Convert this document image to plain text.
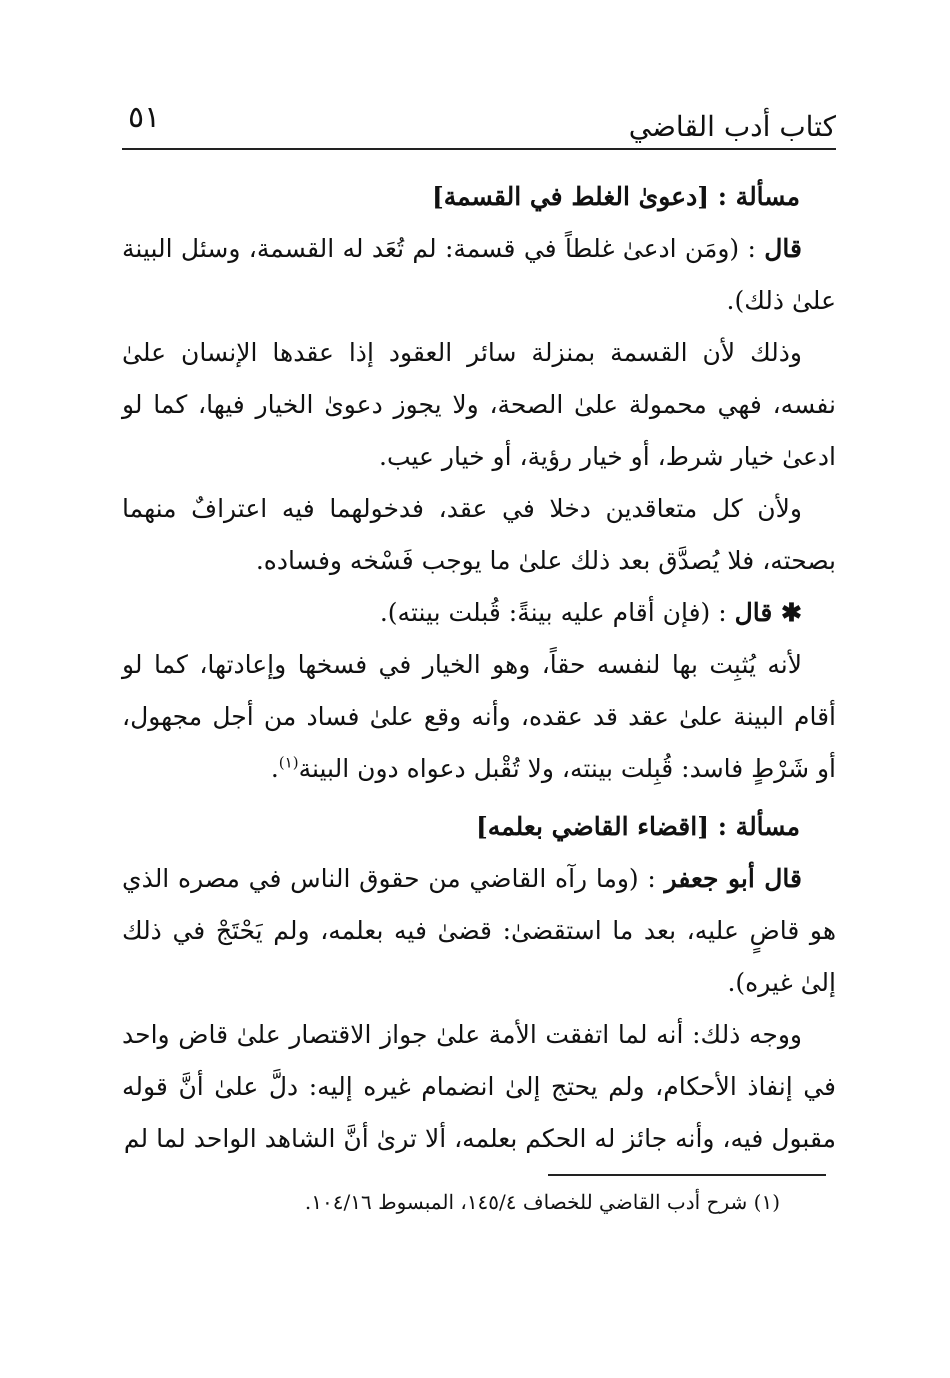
كتاب أدب القاضي
٥١

مسألة : [دعوىٰ الغلط في القسمة]

قال : (ومَن ادعىٰ غلطاً في قسمة: لم تُعَد له القسمة، وسئل البينة علىٰ ذلك).

وذلك لأن القسمة بمنزلة سائر العقود إذا عقدها الإنسان علىٰ نفسه، فهي محمولة علىٰ الصحة، ولا يجوز دعوىٰ الخيار فيها، كما لو ادعىٰ خيار شرط، أو خيار رؤية، أو خيار عيب.

ولأن كل متعاقدين دخلا في عقد، فدخولهما فيه اعترافٌ منهما بصحته، فلا يُصدَّق بعد ذلك علىٰ ما يوجب فَسْخه وفساده.

✱ قال : (فإن أقام عليه بينةً: قُبلت بينته).

لأنه يُثبِت بها لنفسه حقاً، وهو الخيار في فسخها وإعادتها، كما لو أقام البينة علىٰ عقد قد عقده، وأنه وقع علىٰ فساد من أجل مجهول، أو شَرْطٍ فاسد: قُبِلت بينته، ولا تُقْبل دعواه دون البينة$^{(١)}$.

مسألة : [اقضاء القاضي بعلمه]

قال أبو جعفر : (وما رآه القاضي من حقوق الناس في مصره الذي هو قاضٍ عليه، بعد ما استقضىٰ: قضىٰ فيه بعلمه، ولم يَحْتَجْ في ذلك إلىٰ غيره).

ووجه ذلك: أنه لما اتفقت الأمة علىٰ جواز الاقتصار علىٰ قاض واحد في إنفاذ الأحكام، ولم يحتج إلىٰ انضمام غيره إليه: دلَّ علىٰ أنَّ قوله مقبول فيه، وأنه جائز له الحكم بعلمه، ألا ترىٰ أنَّ الشاهد الواحد لما لم

(١) شرح أدب القاضي للخصاف ١٤٥/٤، المبسوط ١٠٤/١٦.
